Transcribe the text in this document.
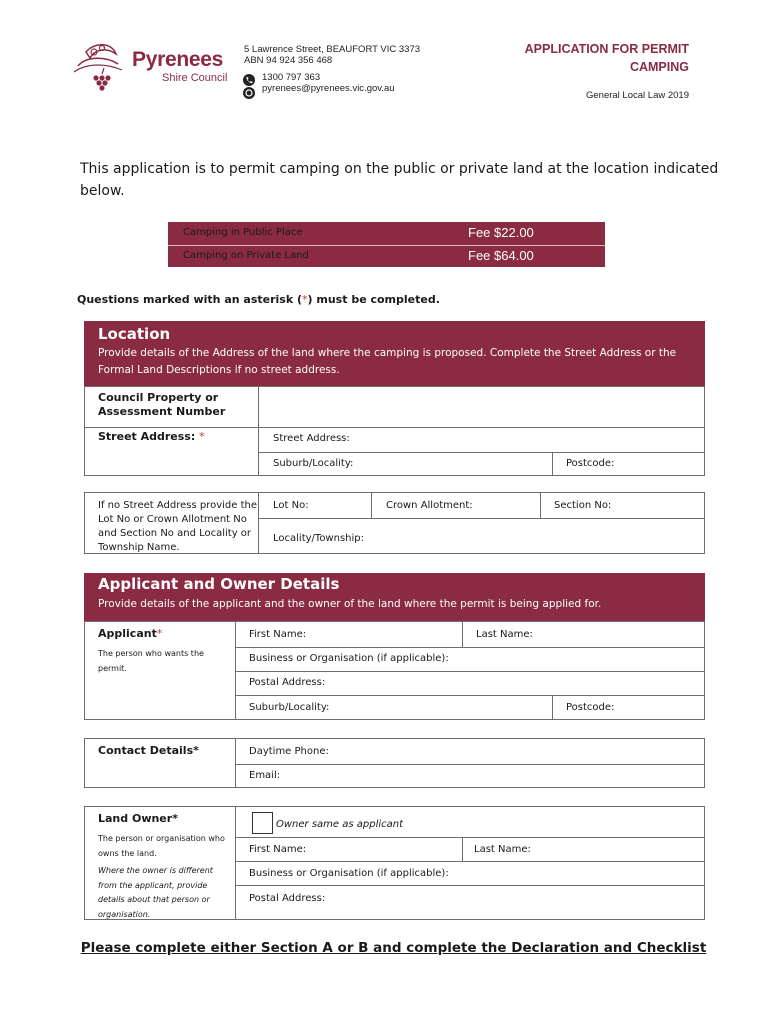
Pyrenees
Shire Council
5 Lawrence Street, BEAUFORT VIC 3373
ABN 94 924 356 468
1300 797 363
pyrenees@pyrenees.vic.gov.au
APPLICATION FOR PERMIT
CAMPING
General Local Law 2019
This application is to permit camping on the public or private land at the location indicated
below.
Camping in Public Place	Fee $22.00
Camping on Private Land	Fee $64.00
Questions marked with an asterisk (*) must be completed.
Location
Provide details of the Address of the land where the camping is proposed. Complete the Street Address or the
Formal Land Descriptions if no street address.
Council Property or
Assessment Number
Street Address: *	Street Address:
Suburb/Locality:	Postcode:
If no Street Address provide the
Lot No or Crown Allotment No
and Section No and Locality or
Township Name.
Lot No:	Crown Allotment:	Section No:
Locality/Township:
Applicant and Owner Details
Provide details of the applicant and the owner of the land where the permit is being applied for.
Applicant*
The person who wants the
permit.
First Name:	Last Name:
Business or Organisation (if applicable):
Postal Address:
Suburb/Locality:	Postcode:
Contact Details*	Daytime Phone:
Email:
Land Owner*
The person or organisation who
owns the land.
Where the owner is different
from the applicant, provide
details about that person or
organisation.
Owner same as applicant
First Name:	Last Name:
Business or Organisation (if applicable):
Postal Address:
Please complete either Section A or B and complete the Declaration and Checklist
